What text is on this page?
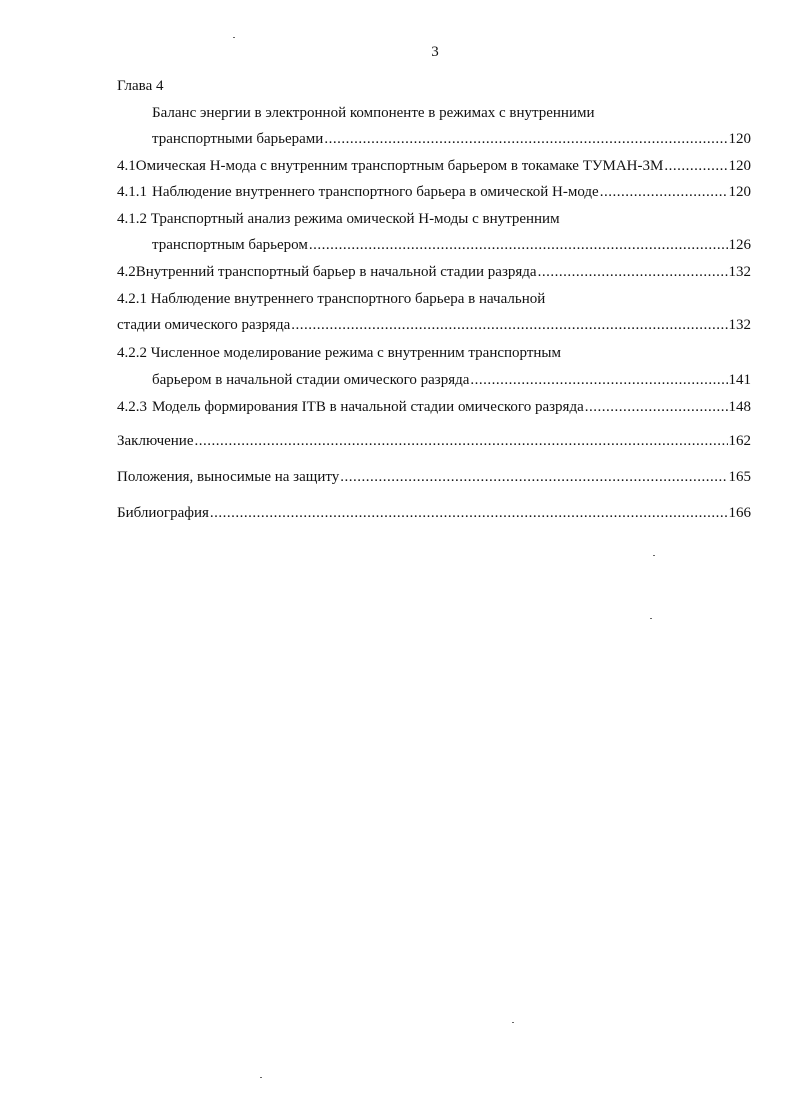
3
Глава 4
Баланс энергии в электронной компоненте в режимах с внутренними
транспортными барьерами .....	120
4.1 Омическая Н-мода с внутренним транспортным барьером в токамаке ТУМАН-3М .....	120
4.1.1 Наблюдение внутреннего транспортного барьера в омической Н-моде .....	120
4.1.2 Транспортный анализ режима омической Н-моды с внутренним
транспортным барьером .....	126
4.2 Внутренний транспортный барьер в начальной стадии разряда .....	132
4.2.1 Наблюдение внутреннего транспортного барьера в начальной
стадии омического разряда .....	132
4.2.2 Численное моделирование режима с внутренним транспортным
барьером в начальной стадии омического разряда .....	141
4.2.3 Модель формирования ITB в начальной стадии омического разряда .....	148
Заключение .....	162
Положения, выносимые на защиту .....	165
Библиография .....	166
